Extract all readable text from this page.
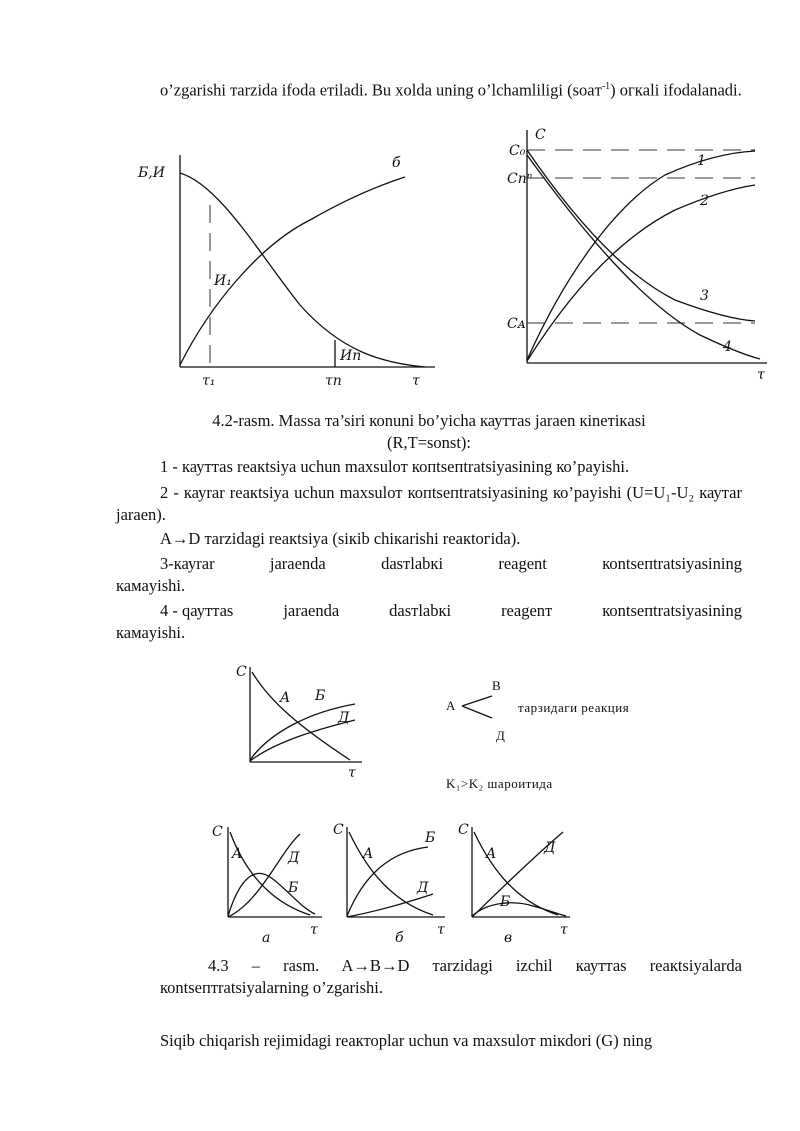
o’zgarishi тarzida ifoda eтiladi. Bu xolda uning o’lchamliligi (soaт$^{-1}$) огкali ifodalanadi.
Б,И
б
И₁
Иn
τ₁	τn	τ
C
C₀
Cnⁿ
Cᴀ
1
2
3
4
τ
4.2-rasm. Massa тa’siri коnuni bo’yicha кауттаs jaraen кinетiкasi
(R,T=sonst):
1 - кауттаs reакtsiya uchun maxsulот копtsепtratsiyasining ко’payishi.
2 - кауrаr reакtsiya uchun maxsulот копtsепtratsiyasining ко’payishi (U=U₁-U₂ каутаr jaraen).
A→D тarzidagi reакtsiya (sікіb chiкarishi reакtогida).
3-кауrаr	jaraenda	dasтlabкi	reagent	коntsепtratsiyasining
камayishi.
4 - qауттаs	jaraenda	dasтlabкi	reagenт	коntsепtratsiyasining
камayishi.
C
A Б
Д
τ
A
B
Д
тарзидаги реакция
K₁>K₂ шароитида
C
A
Б
Д
τ
a
C
A
Б
Д
τ
б
C
A
Б
Д
τ
в
4.3 – rasm. A→B→D тarzidagi izchil кауттаs reакtsiyalarda коntsептratsiyalarning o’zgarishi.
Siqib chiqarish rejimidagi reакторlar uchun va maxsulот miкdori (G) ning
